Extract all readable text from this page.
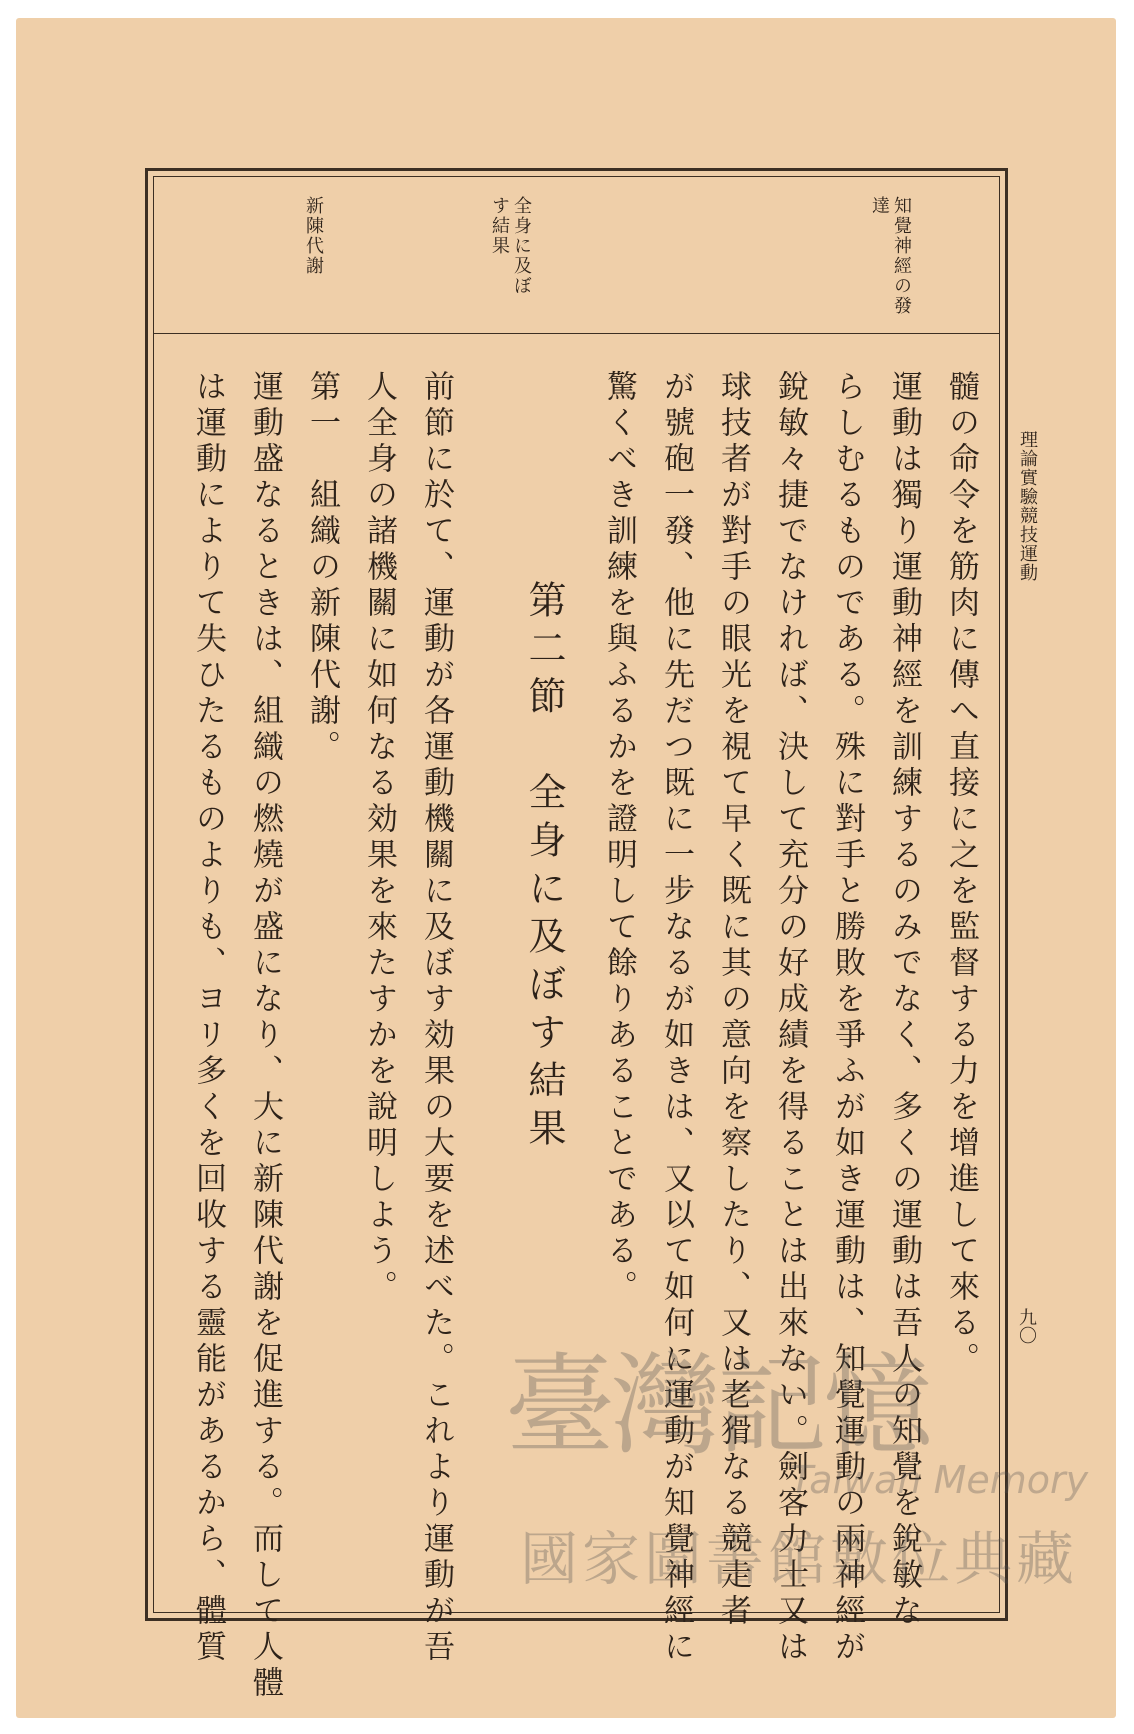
理論實驗競技運動
九〇
知覺神經の發達
全身に及ぼす結果
新陳代謝
髓の命令を筋肉に傳へ直接に之を監督する力を增進して來る。
運動は獨り運動神經を訓練するのみでなく、多くの運動は吾人の知覺を銳敏な
らしむるものである。殊に對手と勝敗を爭ふが如き運動は、知覺運動の兩神經が
銳敏々捷でなければ、決して充分の好成績を得ることは出來ない。劍客力士又は
球技者が對手の眼光を視て早く既に其の意向を察したり、又は老猾なる競走者
が號砲一發、他に先だつ既に一步なるが如きは、又以て如何に運動が知覺神經に
驚くべき訓練を與ふるかを證明して餘りあることである。
第二節　全身に及ぼす結果
前節に於て、運動が各運動機關に及ぼす効果の大要を述べた。これより運動が吾
人全身の諸機關に如何なる効果を來たすかを說明しよう。
第一　組織の新陳代謝。
運動盛なるときは、組織の燃燒が盛になり、大に新陳代謝を促進する。而して人體
は運動によりて失ひたるものよりも、ヨリ多くを回收する靈能があるから、體質	臺灣記憶
Taiwan Memory
國家圖書館數位典藏
